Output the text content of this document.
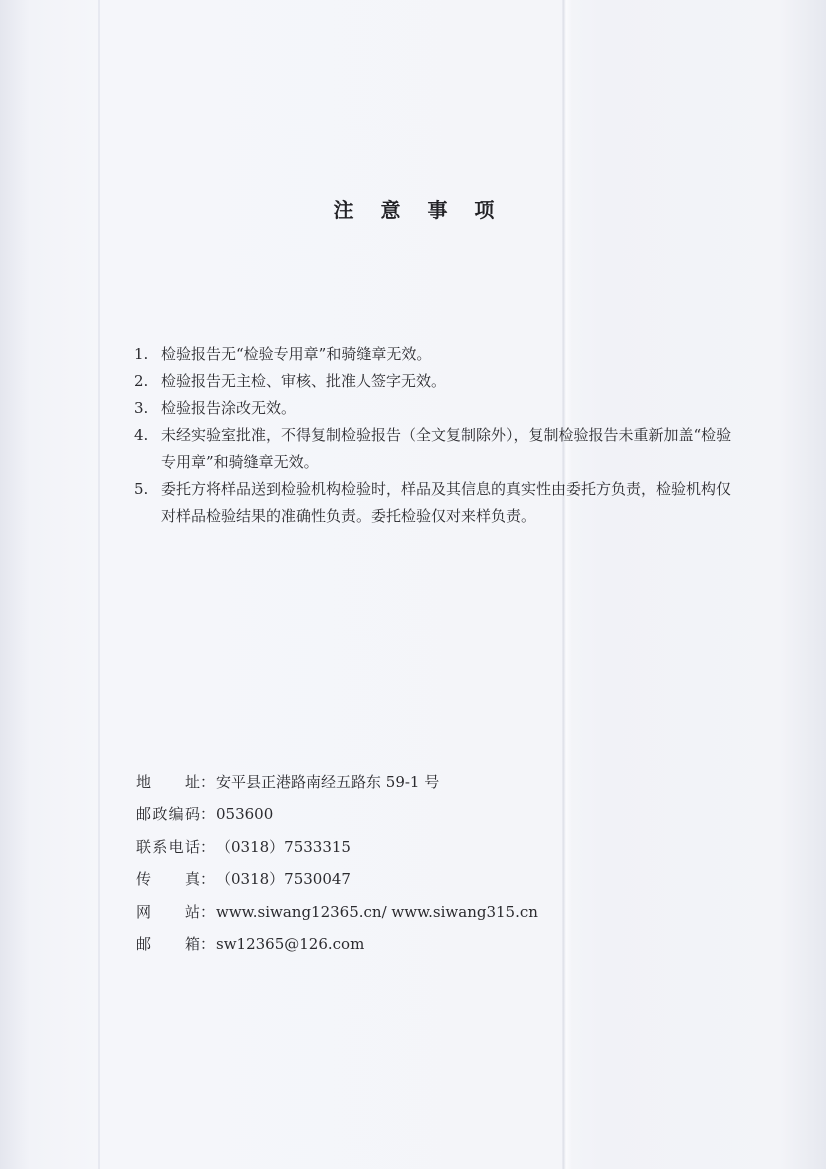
注 意 事 项
1. 检验报告无“检验专用章”和骑缝章无效。
2. 检验报告无主检、审核、批准人签字无效。
3. 检验报告涂改无效。
4. 未经实验室批准，不得复制检验报告（全文复制除外），复制检验报告未重新加盖“检验专用章”和骑缝章无效。
5. 委托方将样品送到检验机构检验时，样品及其信息的真实性由委托方负责，检验机构仅对样品检验结果的准确性负责。委托检验仅对来样负责。
地址 ： 安平县正港路南经五路东 59-1 号
邮政编码 ： 053600
联系电话 ： （0318）7533315
传真 ： （0318）7530047
网站 ： www.siwang12365.cn/ www.siwang315.cn
邮箱 ： sw12365@126.com
